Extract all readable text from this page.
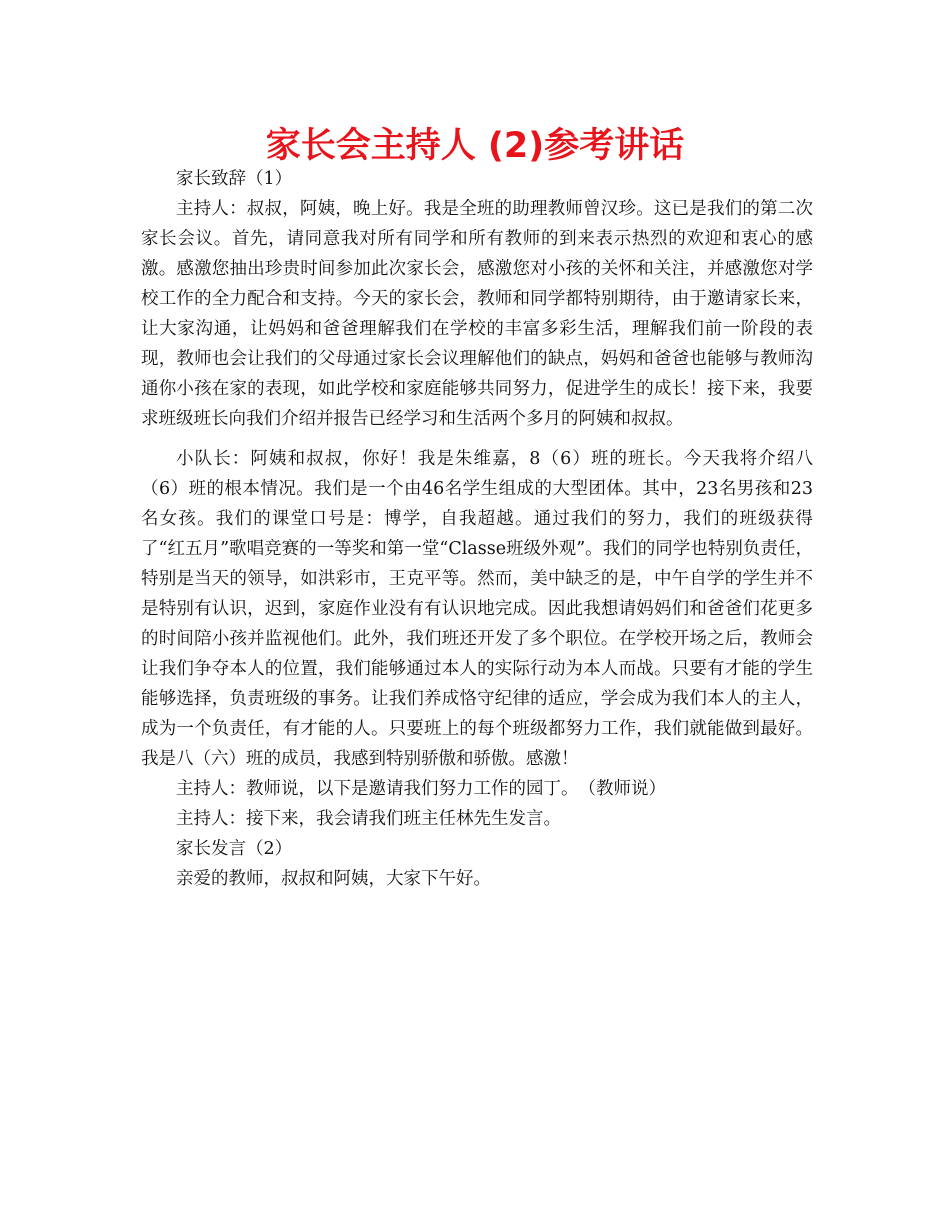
家长会主持人 (2)参考讲话

家长致辞（1）

主持人：叔叔，阿姨，晚上好。我是全班的助理教师曾汉珍。这已是我们的第二次家长会议。首先，请同意我对所有同学和所有教师的到来表示热烈的欢迎和衷心的感激。感激您抽出珍贵时间参加此次家长会，感激您对小孩的关怀和关注，并感激您对学校工作的全力配合和支持。今天的家长会，教师和同学都特别期待，由于邀请家长来，让大家沟通，让妈妈和爸爸理解我们在学校的丰富多彩生活，理解我们前一阶段的表现，教师也会让我们的父母通过家长会议理解他们的缺点，妈妈和爸爸也能够与教师沟通你小孩在家的表现，如此学校和家庭能够共同努力，促进学生的成长！接下来，我要求班级班长向我们介绍并报告已经学习和生活两个多月的阿姨和叔叔。

小队长：阿姨和叔叔，你好！我是朱维嘉，8（6）班的班长。今天我将介绍八（6）班的根本情况。我们是一个由46名学生组成的大型团体。其中，23名男孩和23名女孩。我们的课堂口号是：博学，自我超越。通过我们的努力，我们的班级获得了“红五月”歌唱竞赛的一等奖和第一堂“Classe班级外观”。我们的同学也特别负责任，特别是当天的领导，如洪彩市，王克平等。然而，美中缺乏的是，中午自学的学生并不是特别有认识，迟到，家庭作业没有有认识地完成。因此我想请妈妈们和爸爸们花更多的时间陪小孩并监视他们。此外，我们班还开发了多个职位。在学校开场之后，教师会让我们争夺本人的位置，我们能够通过本人的实际行动为本人而战。只要有才能的学生能够选择，负责班级的事务。让我们养成恪守纪律的适应，学会成为我们本人的主人，成为一个负责任，有才能的人。只要班上的每个班级都努力工作，我们就能做到最好。我是八（六）班的成员，我感到特别骄傲和骄傲。感激！

主持人：教师说，以下是邀请我们努力工作的园丁。　（教师说）

主持人：接下来，我会请我们班主任林先生发言。

家长发言（2）

亲爱的教师，叔叔和阿姨，大家下午好。
